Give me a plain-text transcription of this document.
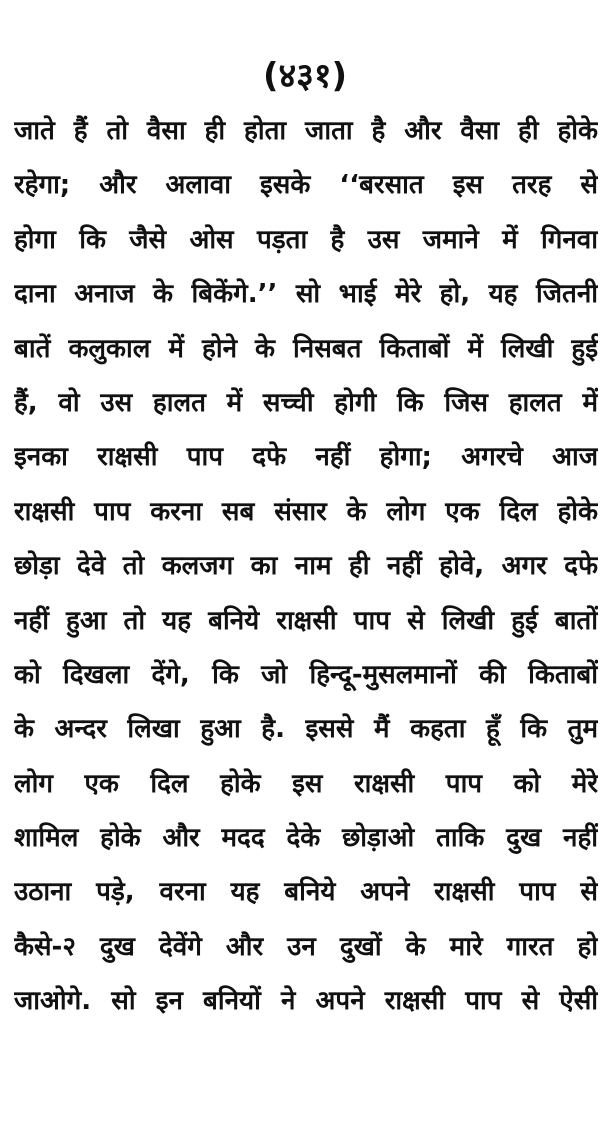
(४३१)

जाते हैं तो वैसा ही होता जाता है और वैसा ही होके
रहेगा; और अलावा इसके ‘‘बरसात इस तरह से
होगा कि जैसे ओस पड़ता है उस जमाने में गिनवा
दाना अनाज के बिकेंगे.’’ सो भाई मेरे हो, यह जितनी
बातें कलुकाल में होने के निसबत किताबों में लिखी हुई
हैं, वो उस हालत में सच्ची होगी कि जिस हालत में
इनका राक्षसी पाप दफे नहीं होगा; अगरचे आज
राक्षसी पाप करना सब संसार के लोग एक दिल होके
छोड़ा देवे तो कलजग का नाम ही नहीं होवे, अगर दफे
नहीं हुआ तो यह बनिये राक्षसी पाप से लिखी हुई बातों
को दिखला देंगे, कि जो हिन्दू-मुसलमानों की किताबों
के अन्दर लिखा हुआ है. इससे मैं कहता हूँ कि तुम
लोग एक दिल होके इस राक्षसी पाप को मेरे
शामिल होके और मदद देके छोड़ाओ ताकि दुख नहीं
उठाना पड़े, वरना यह बनिये अपने राक्षसी पाप से
कैसे-२ दुख देवेंगे और उन दुखों के मारे गारत हो
जाओगे. सो इन बनियों ने अपने राक्षसी पाप से ऐसी
